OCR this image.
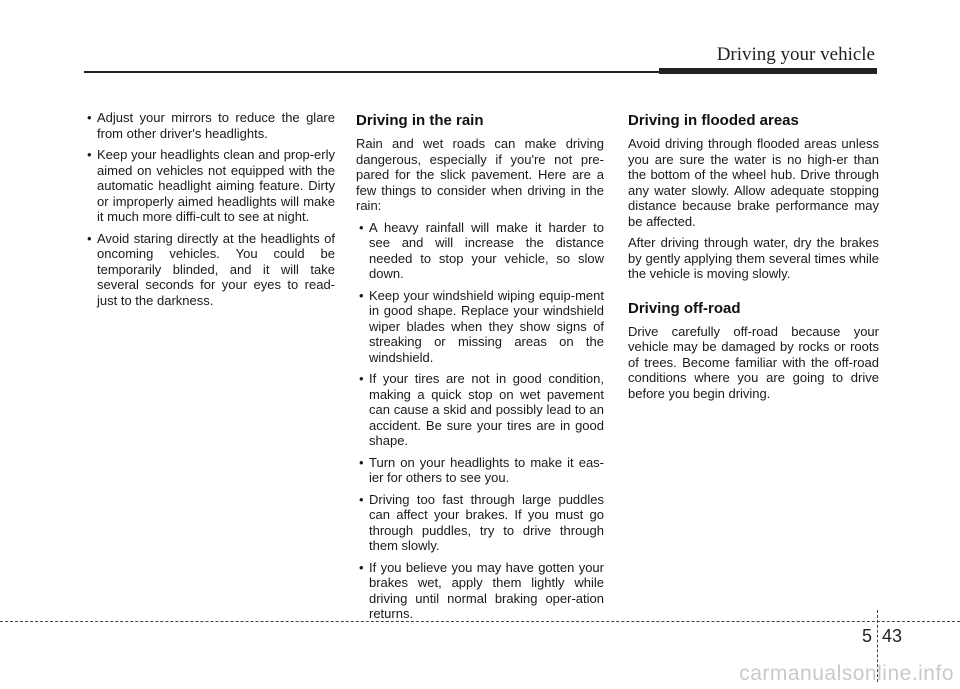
Driving your vehicle
• Adjust your mirrors to reduce the glare from other driver's headlights.
• Keep your headlights clean and prop-erly aimed on vehicles not equipped with the automatic headlight aiming feature. Dirty or improperly aimed headlights will make it much more diffi-cult to see at night.
• Avoid staring directly at the headlights of oncoming vehicles. You could be temporarily blinded, and it will take several seconds for your eyes to read-just to the darkness.
Driving in the rain

Rain and wet roads can make driving dangerous, especially if you're not pre-pared for the slick pavement. Here are a few things to consider when driving in the rain:

• A heavy rainfall will make it harder to see and will increase the distance needed to stop your vehicle, so slow down.
• Keep your windshield wiping equip-ment in good shape. Replace your windshield wiper blades when they show signs of streaking or missing areas on the windshield.
• If your tires are not in good condition, making a quick stop on wet pavement can cause a skid and possibly lead to an accident. Be sure your tires are in good shape.
• Turn on your headlights to make it eas-ier for others to see you.
• Driving too fast through large puddles can affect your brakes. If you must go through puddles, try to drive through them slowly.
• If you believe you may have gotten your brakes wet, apply them lightly while driving until normal braking oper-ation returns.
Driving in flooded areas

Avoid driving through flooded areas unless you are sure the water is no high-er than the bottom of the wheel hub. Drive through any water slowly. Allow adequate stopping distance because brake performance may be affected.

After driving through water, dry the brakes by gently applying them several times while the vehicle is moving slowly.

Driving off-road

Drive carefully off-road because your vehicle may be damaged by rocks or roots of trees. Become familiar with the off-road conditions where you are going to drive before you begin driving.

5 43
carmanualsonline.info
